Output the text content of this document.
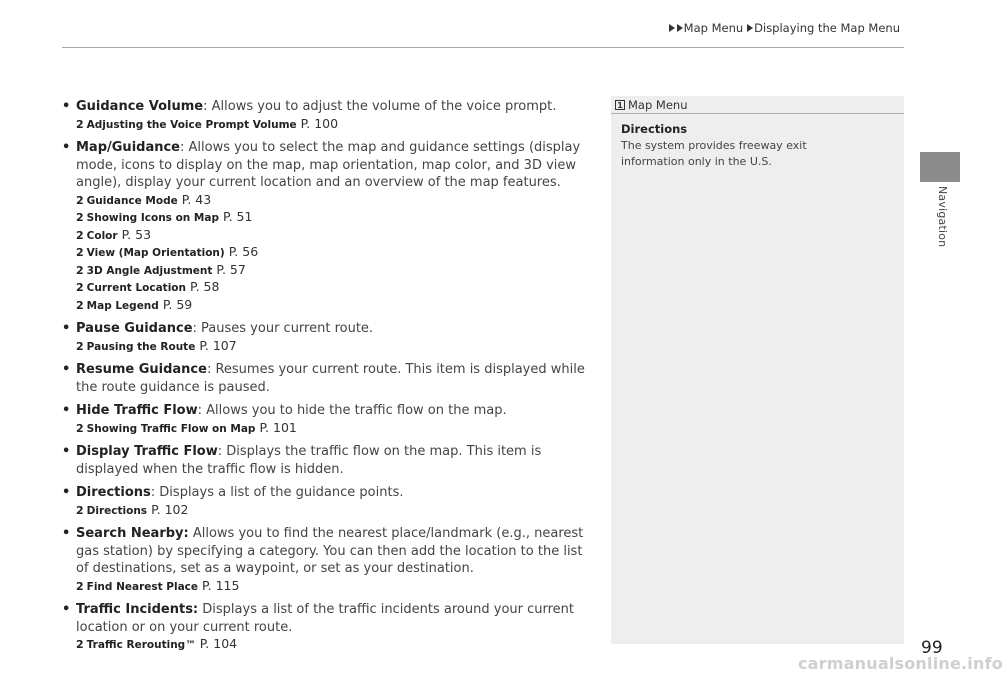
Map Menu Displaying the Map Menu
Navigation
• Guidance Volume: Allows you to adjust the volume of the voice prompt.
2 Adjusting the Voice Prompt Volume P. 100
• Map/Guidance: Allows you to select the map and guidance settings (display mode, icons to display on the map, map orientation, map color, and 3D view angle), display your current location and an overview of the map features.
2 Guidance Mode P. 43
2 Showing Icons on Map P. 51
2 Color P. 53
2 View (Map Orientation) P. 56
2 3D Angle Adjustment P. 57
2 Current Location P. 58
2 Map Legend P. 59
• Pause Guidance: Pauses your current route.
2 Pausing the Route P. 107
• Resume Guidance: Resumes your current route. This item is displayed while the route guidance is paused.
• Hide Traffic Flow: Allows you to hide the traffic flow on the map.
2 Showing Traffic Flow on Map P. 101
• Display Traffic Flow: Displays the traffic flow on the map. This item is displayed when the traffic flow is hidden.
• Directions: Displays a list of the guidance points.
2 Directions P. 102
• Search Nearby: Allows you to find the nearest place/landmark (e.g., nearest gas station) by specifying a category. You can then add the location to the list of destinations, set as a waypoint, or set as your destination.
2 Find Nearest Place P. 115
• Traffic Incidents: Displays a list of the traffic incidents around your current location or on your current route.
2 Traffic Rerouting™ P. 104
1 Map Menu
Directions
The system provides freeway exit information only in the U.S.
99
carmanualsonline.info
